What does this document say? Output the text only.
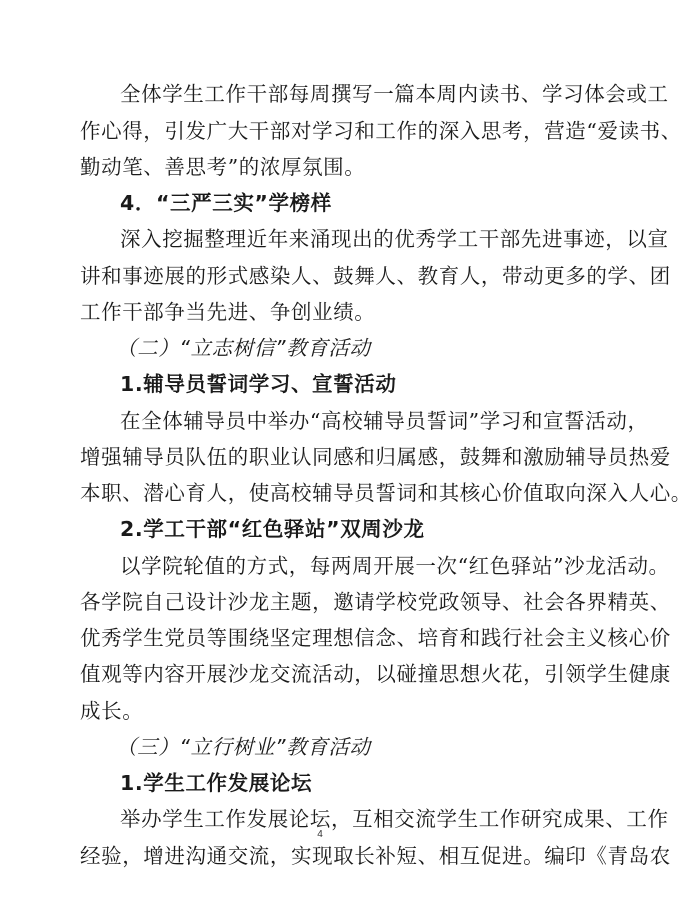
全体学生工作干部每周撰写一篇本周内读书、学习体会或工
作心得，引发广大干部对学习和工作的深入思考，营造“爱读书、
勤动笔、善思考”的浓厚氛围。
4．“三严三实”学榜样
深入挖掘整理近年来涌现出的优秀学工干部先进事迹，以宣
讲和事迹展的形式感染人、鼓舞人、教育人，带动更多的学、团
工作干部争当先进、争创业绩。
（二）“立志树信”教育活动
1.辅导员誓词学习、宣誓活动
在全体辅导员中举办“高校辅导员誓词”学习和宣誓活动，
增强辅导员队伍的职业认同感和归属感，鼓舞和激励辅导员热爱
本职、潜心育人，使高校辅导员誓词和其核心价值取向深入人心。
2.学工干部“红色驿站”双周沙龙
以学院轮值的方式，每两周开展一次“红色驿站”沙龙活动。
各学院自己设计沙龙主题，邀请学校党政领导、社会各界精英、
优秀学生党员等围绕坚定理想信念、培育和践行社会主义核心价
值观等内容开展沙龙交流活动，以碰撞思想火花，引领学生健康
成长。
（三）“立行树业”教育活动
1.学生工作发展论坛
举办学生工作发展论坛，互相交流学生工作研究成果、工作
经验，增进沟通交流，实现取长补短、相互促进。编印《青岛农
4
